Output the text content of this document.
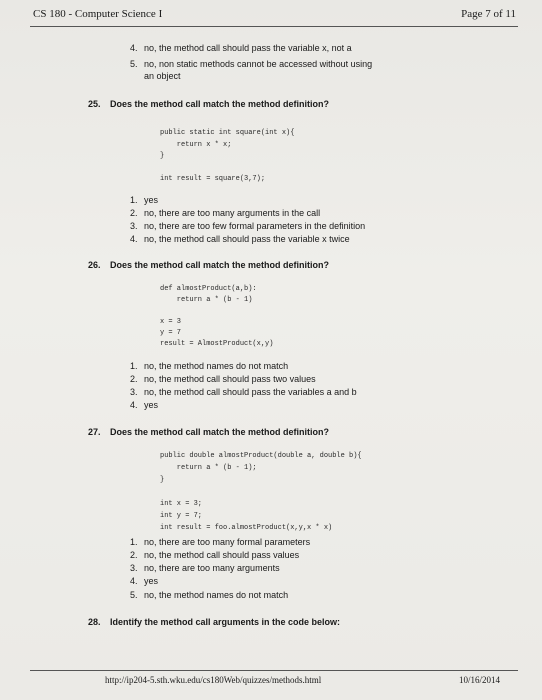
CS 180 - Computer Science I	Page 7 of 11
4. no, the method call should pass the variable x, not a
5. no, non static methods cannot be accessed without using
an object
25. Does the method call match the method definition?
public static int square(int x){
return x * x;
}

int result = square(3,7);
1. yes
2. no, there are too many arguments in the call
3. no, there are too few formal parameters in the definition
4. no, the method call should pass the variable x twice
26. Does the method call match the method definition?
def almostProduct(a,b):
return a * (b - 1)

x = 3
y = 7
result = AlmostProduct(x,y)
1. no, the method names do not match
2. no, the method call should pass two values
3. no, the method call should pass the variables a and b
4. yes
27. Does the method call match the method definition?
public double almostProduct(double a, double b){
return a * (b - 1);
}

int x = 3;
int y = 7;
int result = foo.almostProduct(x,y,x * x)
1. no, there are too many formal parameters
2. no, the method call should pass values
3. no, there are too many arguments
4. yes
5. no, the method names do not match
28. Identify the method call arguments in the code below:
http://ip204-5.sth.wku.edu/cs180Web/quizzes/methods.html	10/16/2014
